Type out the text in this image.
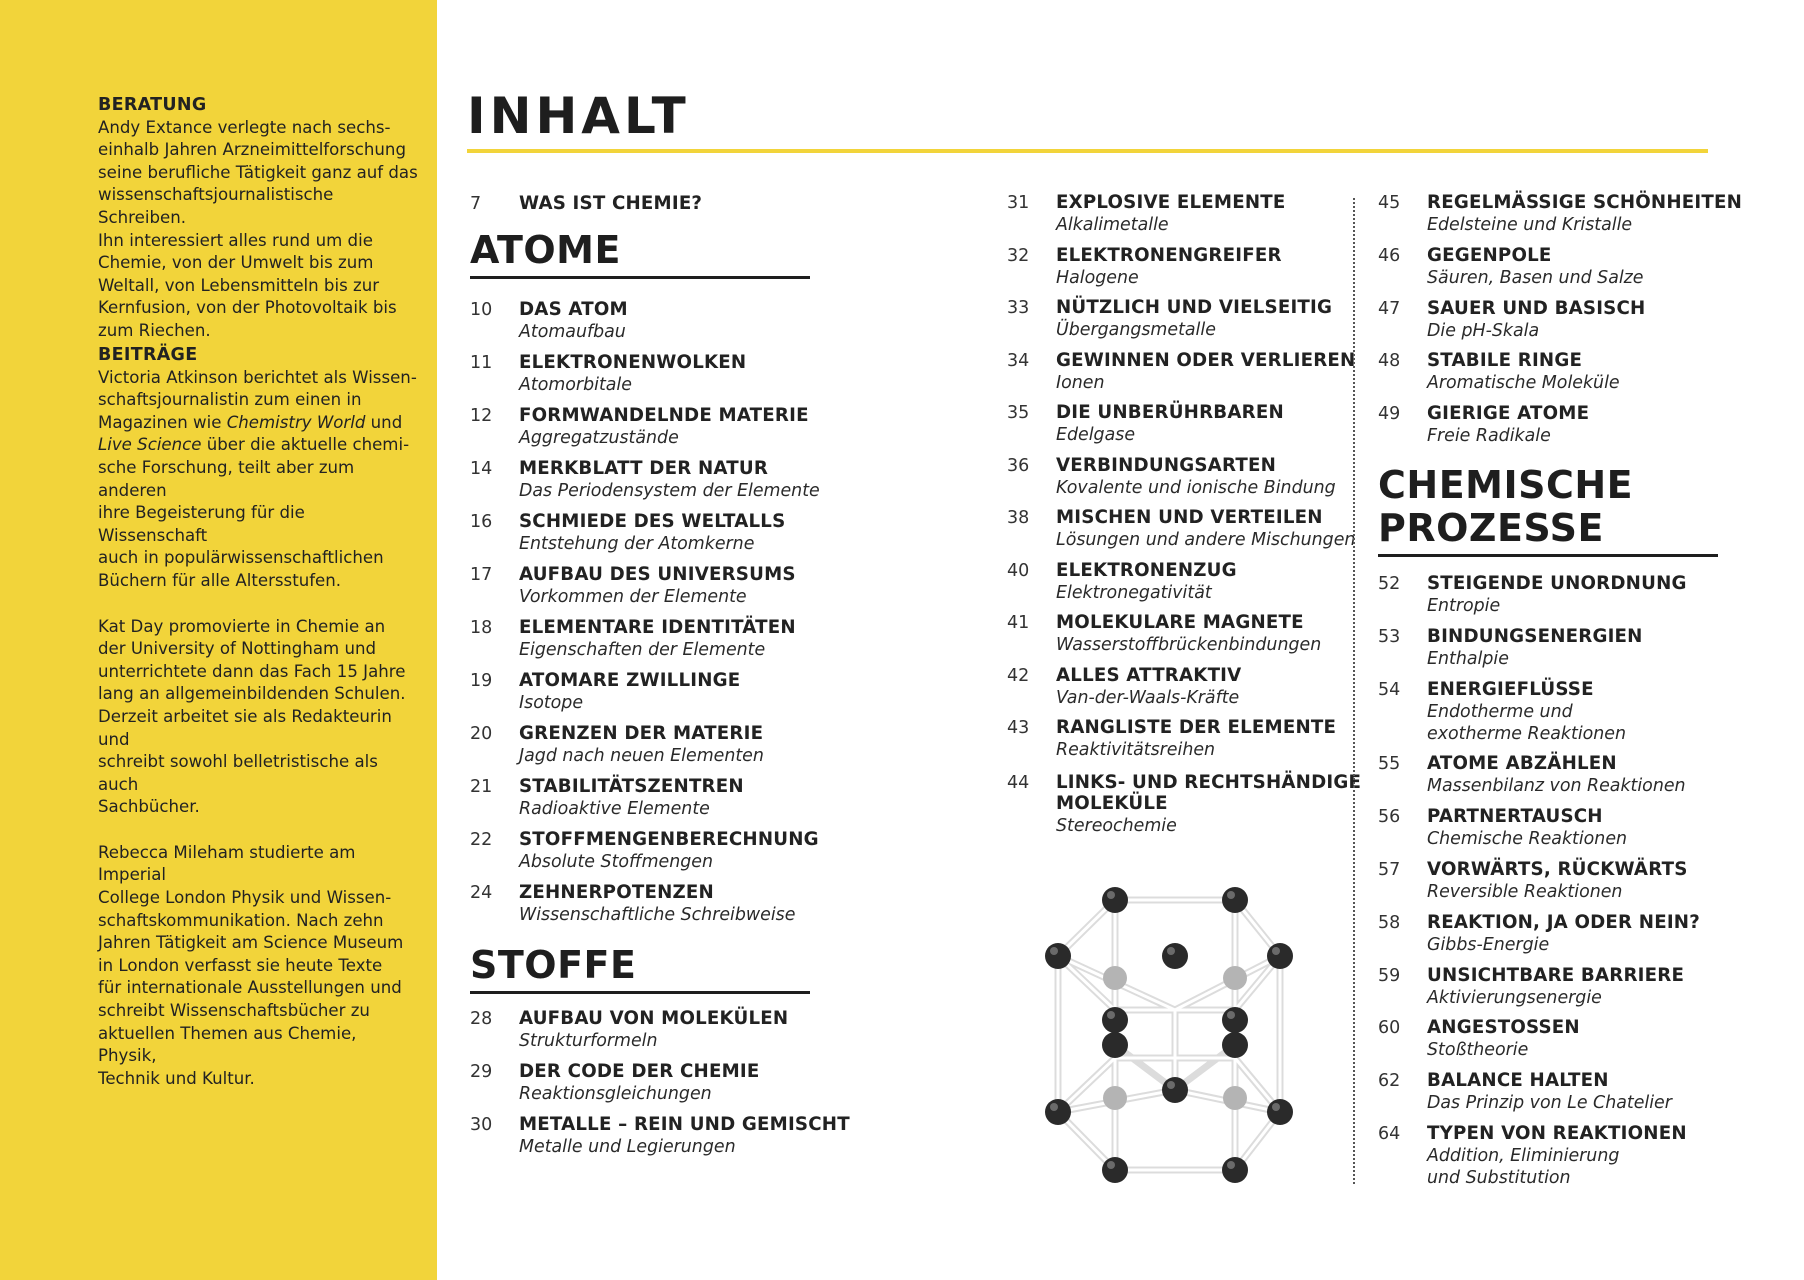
BERATUNG

Andy Extance verlegte nach sechs-

einhalb Jahren Arzneimittelforschung

seine berufliche Tätigkeit ganz auf das

wissenschaftsjournalistische Schreiben.

Ihn interessiert alles rund um die

Chemie, von der Umwelt bis zum

Weltall, von Lebensmitteln bis zur

Kernfusion, von der Photovoltaik bis

zum Riechen.

BEITRÄGE

Victoria Atkinson berichtet als Wissen-

schaftsjournalistin zum einen in

Magazinen wie Chemistry World und

Live Science über die aktuelle chemi-

sche Forschung, teilt aber zum anderen

ihre Begeisterung für die Wissenschaft

auch in populärwissenschaftlichen

Büchern für alle Altersstufen.

Kat Day promovierte in Chemie an

der University of Nottingham und

unterrichtete dann das Fach 15 Jahre

lang an allgemeinbildenden Schulen.

Derzeit arbeitet sie als Redakteurin und

schreibt sowohl belletristische als auch

Sachbücher.

Rebecca Mileham studierte am Imperial

College London Physik und Wissen-

schaftskommunikation. Nach zehn

Jahren Tätigkeit am Science Museum

in London verfasst sie heute Texte

für internationale Ausstellungen und

schreibt Wissenschaftsbücher zu

aktuellen Themen aus Chemie, Physik,

Technik und Kultur.

INHALT
7 WAS IST CHEMIE?
ATOME
10 DAS ATOM
Atomaufbau
11 ELEKTRONENWOLKEN
Atomorbitale
12 FORMWANDELNDE MATERIE
Aggregatzustände
14 MERKBLATT DER NATUR
Das Periodensystem der Elemente
16 SCHMIEDE DES WELTALLS
Entstehung der Atomkerne
17 AUFBAU DES UNIVERSUMS
Vorkommen der Elemente
18 ELEMENTARE IDENTITÄTEN
Eigenschaften der Elemente
19 ATOMARE ZWILLINGE
Isotope
20 GRENZEN DER MATERIE
Jagd nach neuen Elementen
21 STABILITÄTSZENTREN
Radioaktive Elemente
22 STOFFMENGENBERECHNUNG
Absolute Stoffmengen
24 ZEHNERPOTENZEN
Wissenschaftliche Schreibweise
STOFFE
28 AUFBAU VON MOLEKÜLEN
Strukturformeln
29 DER CODE DER CHEMIE
Reaktionsgleichungen
30 METALLE – REIN UND GEMISCHT
Metalle und Legierungen
31 EXPLOSIVE ELEMENTE
Alkalimetalle
32 ELEKTRONENGREIFER
Halogene
33 NÜTZLICH UND VIELSEITIG
Übergangsmetalle
34 GEWINNEN ODER VERLIEREN
Ionen
35 DIE UNBERÜHRBAREN
Edelgase
36 VERBINDUNGSARTEN
Kovalente und ionische Bindung
38 MISCHEN UND VERTEILEN
Lösungen und andere Mischungen
40 ELEKTRONENZUG
Elektronegativität
41 MOLEKULARE MAGNETE
Wasserstoffbrückenbindungen
42 ALLES ATTRAKTIV
Van-der-Waals-Kräfte
43 RANGLISTE DER ELEMENTE
Reaktivitätsreihen
44 LINKS- UND RECHTSHÄNDIGE
MOLEKÜLE
Stereochemie
45 REGELMÄSSIGE SCHÖNHEITEN
Edelsteine und Kristalle
46 GEGENPOLE
Säuren, Basen und Salze
47 SAUER UND BASISCH
Die pH-Skala
48 STABILE RINGE
Aromatische Moleküle
49 GIERIGE ATOME
Freie Radikale
CHEMISCHE
PROZESSE
52 STEIGENDE UNORDNUNG
Entropie
53 BINDUNGSENERGIEN
Enthalpie
54 ENERGIEFLÜSSE
Endotherme und
exotherme Reaktionen
55 ATOME ABZÄHLEN
Massenbilanz von Reaktionen
56 PARTNERTAUSCH
Chemische Reaktionen
57 VORWÄRTS, RÜCKWÄRTS
Reversible Reaktionen
58 REAKTION, JA ODER NEIN?
Gibbs-Energie
59 UNSICHTBARE BARRIERE
Aktivierungsenergie
60 ANGESTOSSEN
Stoßtheorie
62 BALANCE HALTEN
Das Prinzip von Le Chatelier
64 TYPEN VON REAKTIONEN
Addition, Eliminierung
und Substitution
